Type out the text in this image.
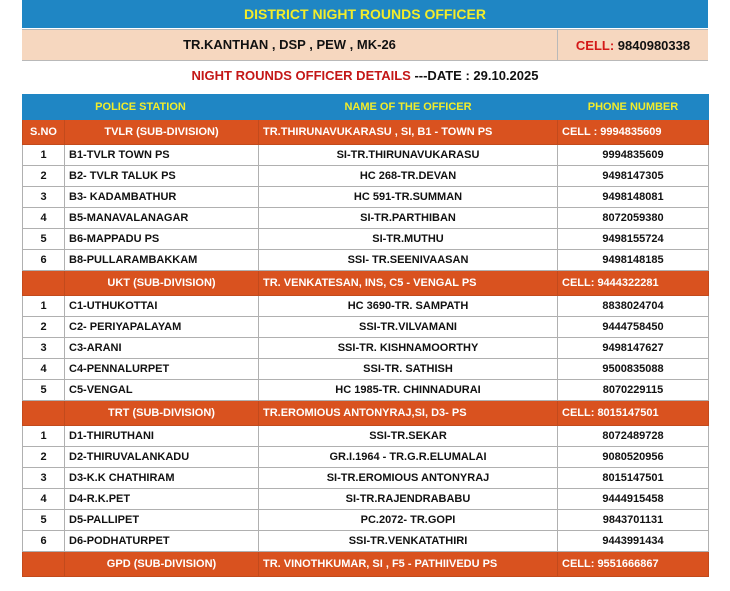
DISTRICT NIGHT ROUNDS OFFICER
TR.KANTHAN , DSP , PEW , MK-26	CELL: 9840980338
NIGHT ROUNDS OFFICER DETAILS ---DATE : 29.10.2025
POLICE STATION		NAME OF THE OFFICER	PHONE NUMBER
S.NO	TVLR (SUB-DIVISION)	TR.THIRUNAVUKARASU , SI, B1 - TOWN PS	CELL : 9994835609
1	B1-TVLR TOWN PS	SI-TR.THIRUNAVUKARASU	9994835609
2	B2- TVLR TALUK PS	HC 268-TR.DEVAN	9498147305
3	B3- KADAMBATHUR	HC 591-TR.SUMMAN	9498148081
4	B5-MANAVALANAGAR	SI-TR.PARTHIBAN	8072059380
5	B6-MAPPADU PS	SI-TR.MUTHU	9498155724
6	B8-PULLARAMBAKKAM	SSI- TR.SEENIVAASAN	9498148185
	UKT (SUB-DIVISION)	TR. VENKATESAN, INS, C5 - VENGAL PS	CELL: 9444322281
1	C1-UTHUKOTTAI	HC 3690-TR. SAMPATH	8838024704
2	C2- PERIYAPALAYAM	SSI-TR.VILVAMANI	9444758450
3	C3-ARANI	SSI-TR. KISHNAMOORTHY	9498147627
4	C4-PENNALURPET	SSI-TR. SATHISH	9500835088
5	C5-VENGAL	HC 1985-TR. CHINNADURAI	8070229115
	TRT (SUB-DIVISION)	TR.EROMIOUS ANTONYRAJ,SI, D3- PS	CELL: 8015147501
1	D1-THIRUTHANI	SSI-TR.SEKAR	8072489728
2	D2-THIRUVALANKADU	GR.I.1964 - TR.G.R.ELUMALAI	9080520956
3	D3-K.K CHATHIRAM	SI-TR.EROMIOUS ANTONYRAJ	8015147501
4	D4-R.K.PET	SI-TR.RAJENDRABABU	9444915458
5	D5-PALLIPET	PC.2072- TR.GOPI	9843701131
6	D6-PODHATURPET	SSI-TR.VENKATATHIRI	9443991434
	GPD (SUB-DIVISION)	TR. VINOTHKUMAR, SI , F5 - PATHIIVEDU PS	CELL: 9551666867
